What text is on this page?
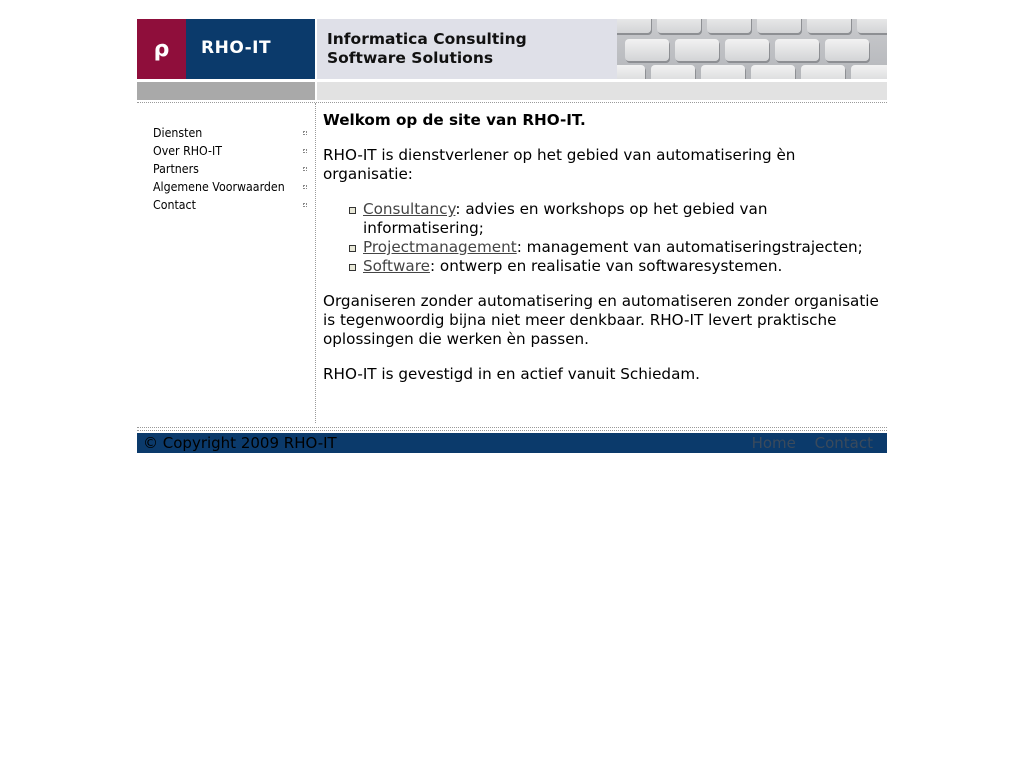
ρ	RHO-IT	Informatica Consulting
Software Solutions
Diensten
Over RHO-IT
Partners
Algemene Voorwaarden
Contact

Welkom op de site van RHO-IT.

RHO-IT is dienstverlener op het gebied van automatisering èn organisatie:

Consultancy: advies en workshops op het gebied van informatisering;
Projectmanagement: management van automatiseringstrajecten;
Software: ontwerp en realisatie van softwaresystemen.

Organiseren zonder automatisering en automatiseren zonder organisatie is tegenwoordig bijna niet meer denkbaar. RHO-IT levert praktische oplossingen die werken èn passen.

RHO-IT is gevestigd in en actief vanuit Schiedam.

© Copyright 2009 RHO-IT	Home Contact
